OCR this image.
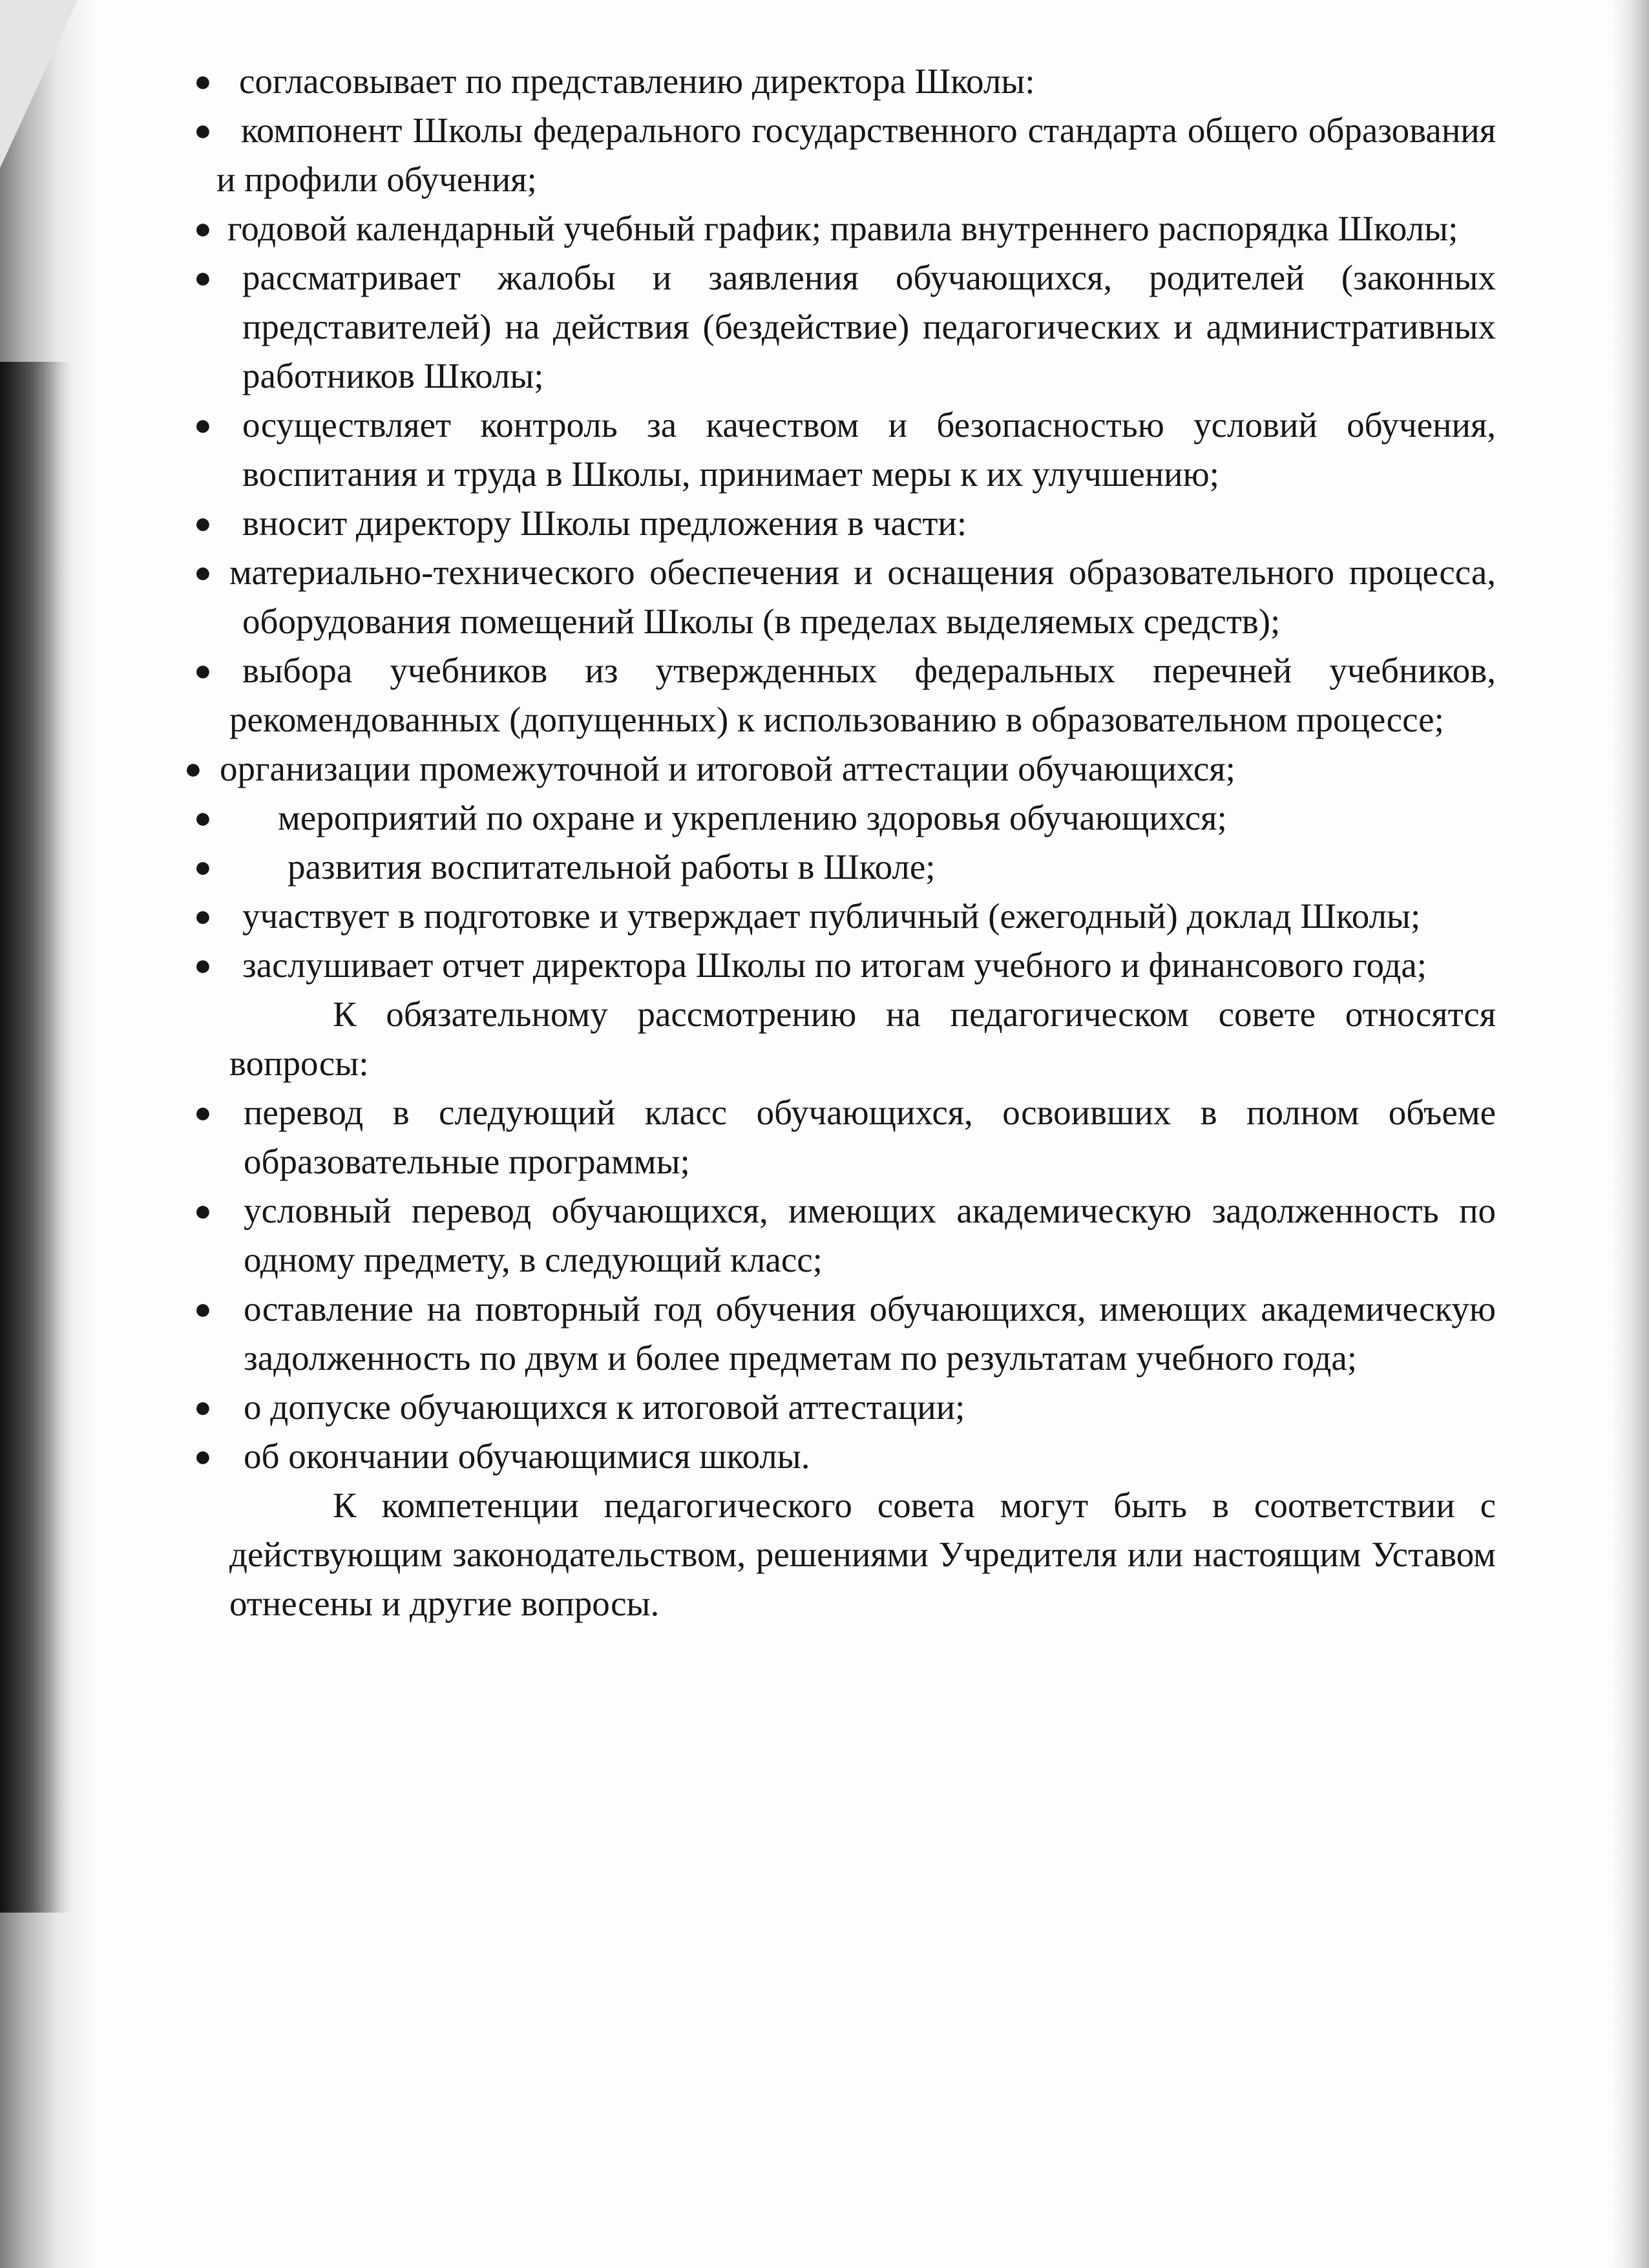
● согласовывает по представлению директора Школы:
● компонент Школы федерального государственного стандарта общего образования и профили обучения;
● годовой календарный учебный график; правила внутреннего распорядка Школы;
● рассматривает жалобы и заявления обучающихся, родителей (законных представителей) на действия (бездействие) педагогических и административных работников Школы;
● осуществляет контроль за качеством и безопасностью условий обучения, воспитания и труда в Школы, принимает меры к их улучшению;
● вносит директору Школы предложения в части:
● материально-технического обеспечения и оснащения образовательного процесса, оборудования помещений Школы (в пределах выделяемых средств);
● выбора учебников из утвержденных федеральных перечней учебников, рекомендованных (допущенных) к использованию в образовательном процессе;
● организации промежуточной и итоговой аттестации обучающихся;
● мероприятий по охране и укреплению здоровья обучающихся;
● развития воспитательной работы в Школе;
● участвует в подготовке и утверждает публичный (ежегодный) доклад Школы;
● заслушивает отчет директора Школы по итогам учебного и финансового года;
К обязательному рассмотрению на педагогическом совете относятся вопросы:
● перевод в следующий класс обучающихся, освоивших в полном объеме образовательные программы;
● условный перевод обучающихся, имеющих академическую задолженность по одному предмету, в следующий класс;
● оставление на повторный год обучения обучающихся, имеющих академическую задолженность по двум и более предметам по результатам учебного года;
● о допуске обучающихся к итоговой аттестации;
● об окончании обучающимися школы.
К компетенции педагогического совета могут быть в соответствии с действующим законодательством, решениями Учредителя или настоящим Уставом отнесены и другие вопросы.
